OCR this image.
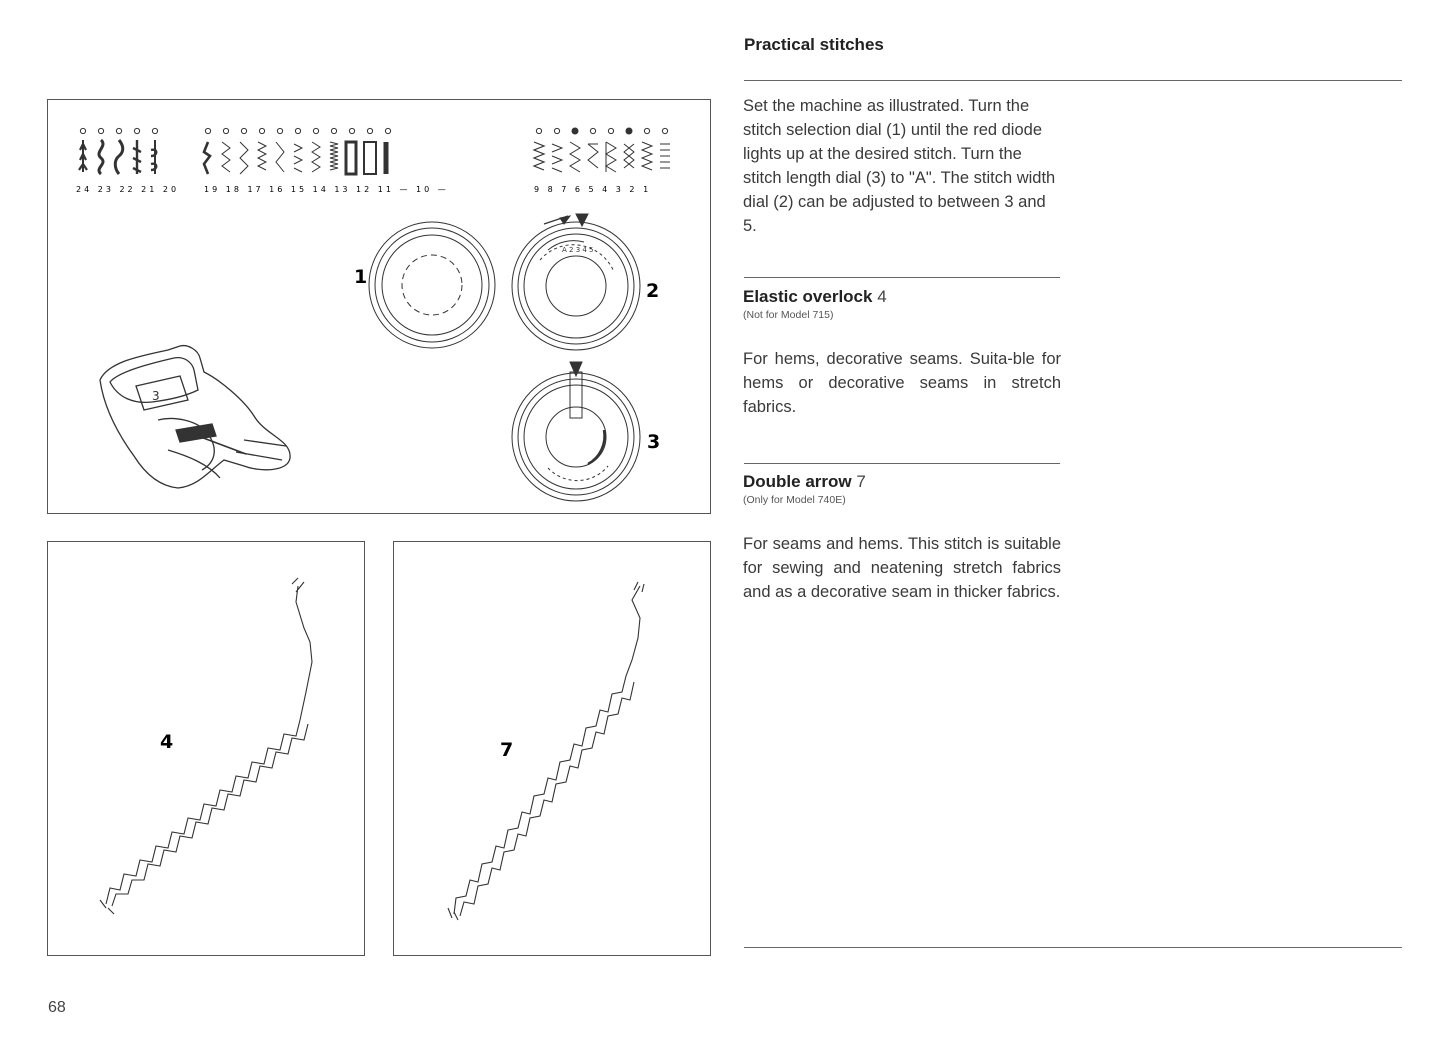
3
24 23 22 21 20	19 18 17 16 15 14 13 12 11 — 10 —	9 8 7 6 5 4 3 2 1
A 2 3 4 5
1
2
3
4	7
Practical stitches
Set the machine as illustrated. Turn the stitch selection dial (1) until the red diode lights up at the desired stitch. Turn the stitch length dial (3) to "A". The stitch width dial (2) can be adjusted to between 3 and 5.
Elastic overlock 4
(Not for Model 715)
For hems, decorative seams. Suita-ble for hems or decorative seams in stretch fabrics.
Double arrow 7
(Only for Model 740E)
For seams and hems. This stitch is suitable for sewing and neatening stretch fabrics and as a decorative seam in thicker fabrics.
68
